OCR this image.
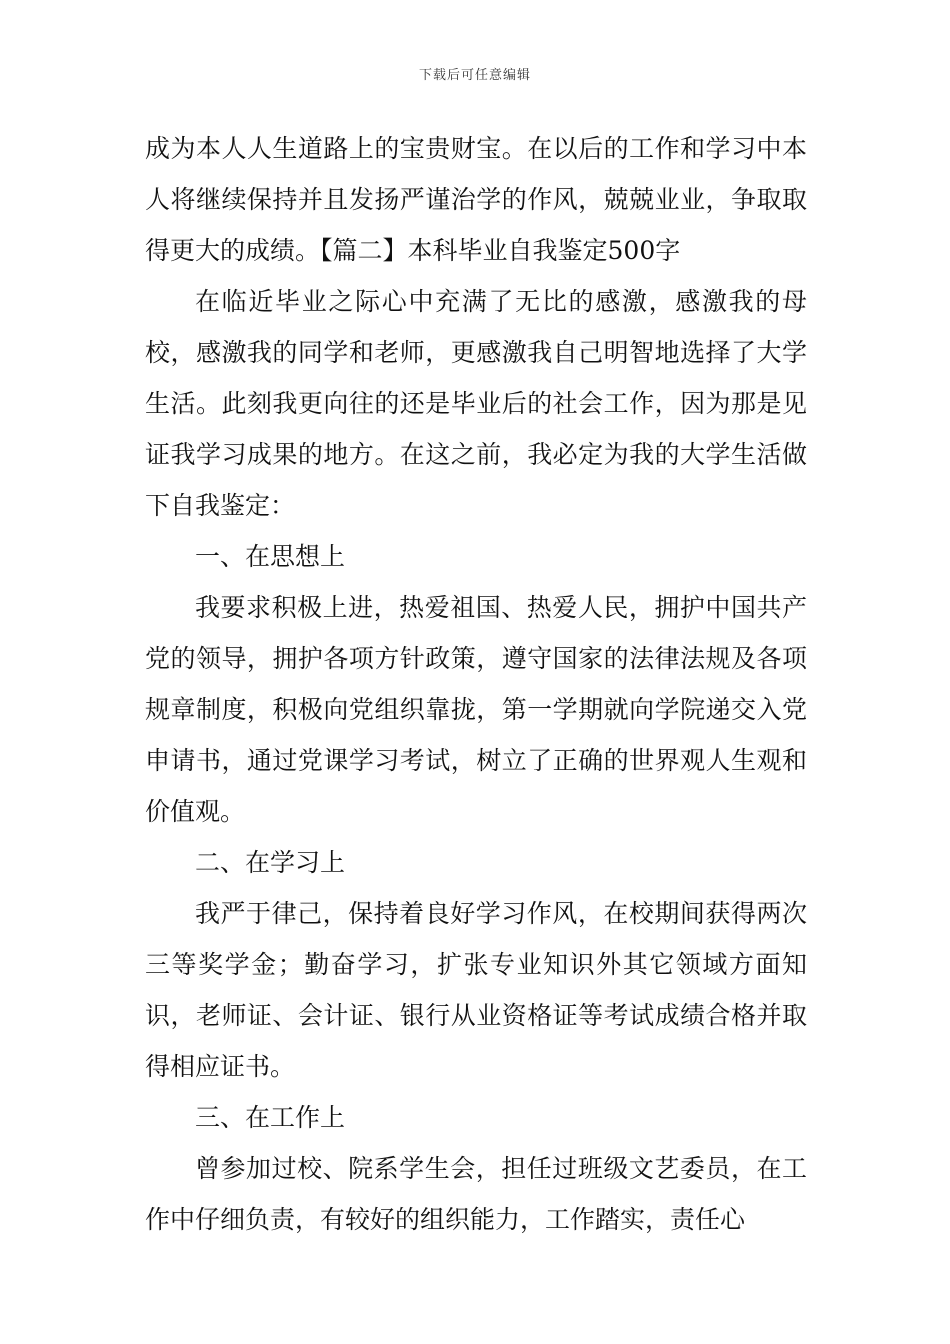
下载后可任意编辑

成为本人人生道路上的宝贵财宝。在以后的工作和学习中本人将继续保持并且发扬严谨治学的作风，兢兢业业，争取取得更大的成绩。【篇二】本科毕业自我鉴定500字

在临近毕业之际心中充满了无比的感激，感激我的母校，感激我的同学和老师，更感激我自己明智地选择了大学生活。此刻我更向往的还是毕业后的社会工作，因为那是见证我学习成果的地方。在这之前，我必定为我的大学生活做下自我鉴定：

一、在思想上

我要求积极上进，热爱祖国、热爱人民，拥护中国共产党的领导，拥护各项方针政策，遵守国家的法律法规及各项规章制度，积极向党组织靠拢，第一学期就向学院递交入党申请书，通过党课学习考试，树立了正确的世界观人生观和价值观。

二、在学习上

我严于律己，保持着良好学习作风，在校期间获得两次三等奖学金；勤奋学习，扩张专业知识外其它领域方面知识，老师证、会计证、银行从业资格证等考试成绩合格并取得相应证书。

三、在工作上

曾参加过校、院系学生会，担任过班级文艺委员，在工作中仔细负责，有较好的组织能力，工作踏实，责任心
